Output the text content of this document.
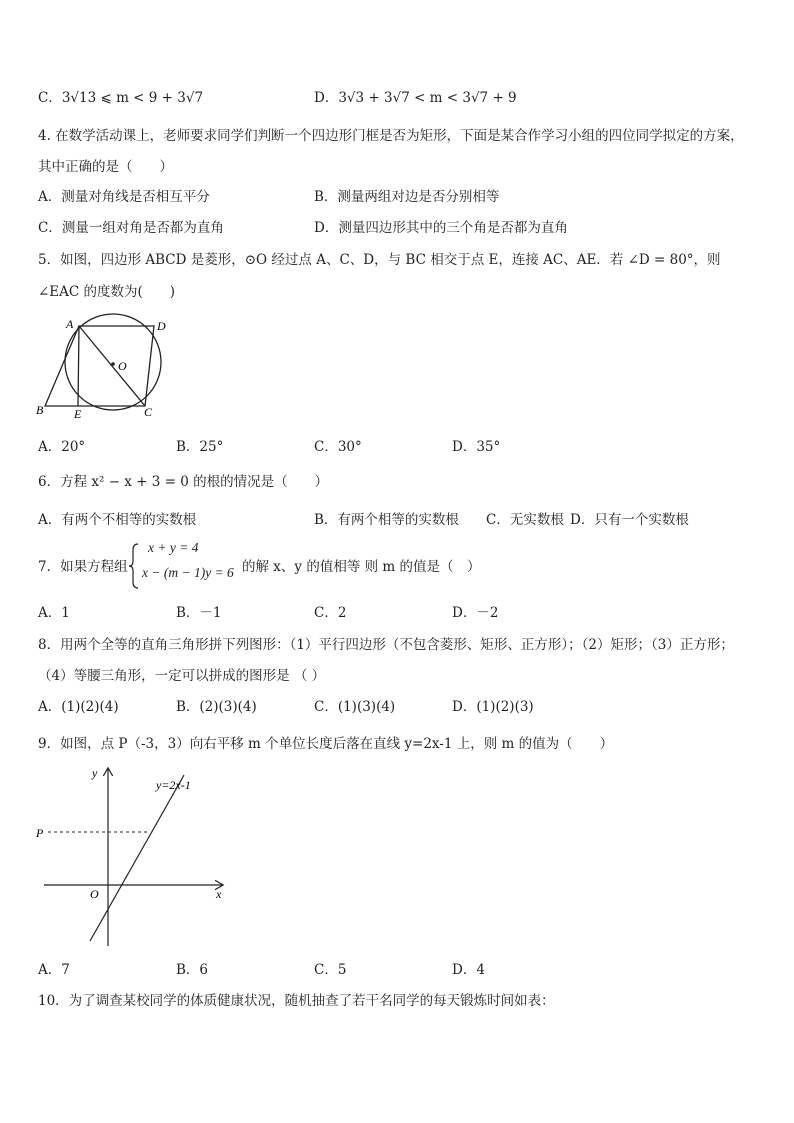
C．3√13 ⩽ m < 9 + 3√7	D．3√3 + 3√7 < m < 3√7 + 9
4. 在数学活动课上，老师要求同学们判断一个四边形门框是否为矩形，下面是某合作学习小组的四位同学拟定的方案，
其中正确的是（　　）
A．测量对角线是否相互平分	B．测量两组对边是否分别相等
C．测量一组对角是否都为直角	D．测量四边形其中的三个角是否都为直角
5．如图，四边形 ABCD 是菱形，⊙O 经过点 A、C、D，与 BC 相交于点 E，连接 AC、AE．若 ∠D = 80°，则
∠EAC 的度数为(　　)
A	D
O
B	E	C
A．20°	B．25°	C．30°	D．35°
6．方程 x² − x + 3 = 0 的根的情况是（　　）
A．有两个不相等的实数根	B．有两个相等的实数根 C．无实数根 D．只有一个实数根
7．如果方程组
x + y = 4
x − (m − 1)y = 6 的解 x、y 的值相等 则 m 的值是（　）
A．1	B．－1	C．2	D．－2
8．用两个全等的直角三角形拼下列图形：（1）平行四边形（不包含菱形、矩形、正方形）；（2）矩形；（3）正方形；
（4）等腰三角形，一定可以拼成的图形是 （ ）
A．(1)(2)(4)	B．(2)(3)(4)	C．(1)(3)(4)	D．(1)(2)(3)
9．如图，点 P（-3，3）向右平移 m 个单位长度后落在直线 y=2x-1 上，则 m 的值为（　　）
y
x
O
P
y=2x-1
A．7	B．6	C．5	D．4
10．为了调查某校同学的体质健康状况，随机抽查了若干名同学的每天锻炼时间如表：
